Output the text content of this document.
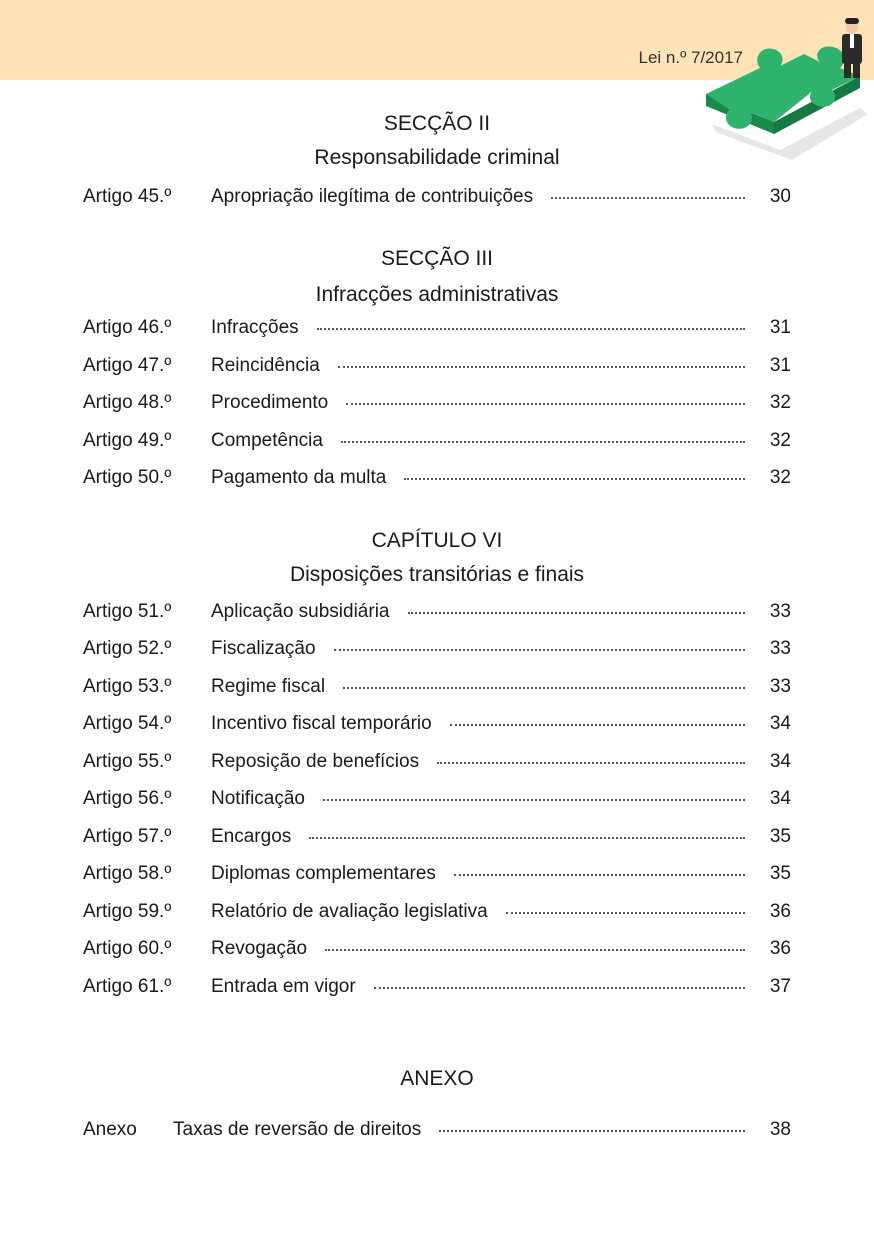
Lei n.º 7/2017
SECÇÃO II
Responsabilidade criminal
Artigo 45.º	Apropriação ilegítima de contribuições	30
SECÇÃO III
Infracções administrativas
Artigo 46.º	Infracções	31
Artigo 47.º	Reincidência	31
Artigo 48.º	Procedimento	32
Artigo 49.º	Competência	32
Artigo 50.º	Pagamento da multa	32
CAPÍTULO VI
Disposições transitórias e finais
Artigo 51.º	Aplicação subsidiária	33
Artigo 52.º	Fiscalização	33
Artigo 53.º	Regime fiscal	33
Artigo 54.º	Incentivo fiscal temporário	34
Artigo 55.º	Reposição de benefícios	34
Artigo 56.º	Notificação	34
Artigo 57.º	Encargos	35
Artigo 58.º	Diplomas complementares	35
Artigo 59.º	Relatório de avaliação legislativa	36
Artigo 60.º	Revogação	36
Artigo 61.º	Entrada em vigor	37
ANEXO
Anexo	Taxas de reversão de direitos	38
